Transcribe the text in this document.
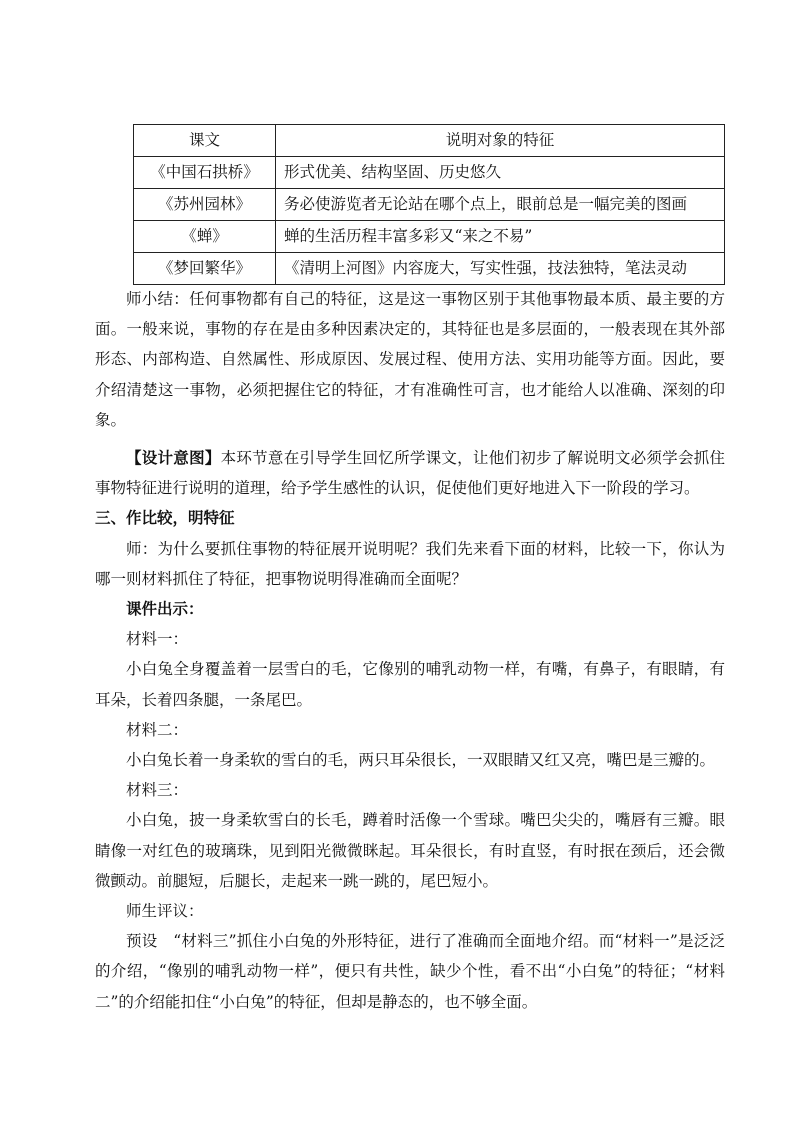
课文	说明对象的特征
《中国石拱桥》	形式优美、结构坚固、历史悠久
《苏州园林》	务必使游览者无论站在哪个点上，眼前总是一幅完美的图画
《蝉》	蝉的生活历程丰富多彩又“来之不易”
《梦回繁华》	《清明上河图》内容庞大，写实性强，技法独特，笔法灵动

师小结：任何事物都有自己的特征，这是这一事物区别于其他事物最本质、最主要的方面。一般来说，事物的存在是由多种因素决定的，其特征也是多层面的，一般表现在其外部形态、内部构造、自然属性、形成原因、发展过程、使用方法、实用功能等方面。因此，要介绍清楚这一事物，必须把握住它的特征，才有准确性可言，也才能给人以准确、深刻的印象。

【设计意图】本环节意在引导学生回忆所学课文，让他们初步了解说明文必须学会抓住事物特征进行说明的道理，给予学生感性的认识，促使他们更好地进入下一阶段的学习。

三、作比较，明特征

师：为什么要抓住事物的特征展开说明呢？我们先来看下面的材料，比较一下，你认为哪一则材料抓住了特征，把事物说明得准确而全面呢？

课件出示：

材料一：

小白兔全身覆盖着一层雪白的毛，它像别的哺乳动物一样，有嘴，有鼻子，有眼睛，有耳朵，长着四条腿，一条尾巴。

材料二：

小白兔长着一身柔软的雪白的毛，两只耳朵很长，一双眼睛又红又亮，嘴巴是三瓣的。

材料三：

小白兔，披一身柔软雪白的长毛，蹲着时活像一个雪球。嘴巴尖尖的，嘴唇有三瓣。眼睛像一对红色的玻璃珠，见到阳光微微眯起。耳朵很长，有时直竖，有时抿在颈后，还会微微颤动。前腿短，后腿长，走起来一跳一跳的，尾巴短小。

师生评议：

预设　“材料三”抓住小白兔的外形特征，进行了准确而全面地介绍。而“材料一”是泛泛的介绍，“像别的哺乳动物一样”，便只有共性，缺少个性，看不出“小白兔”的特征；“材料二”的介绍能扣住“小白兔”的特征，但却是静态的，也不够全面。
